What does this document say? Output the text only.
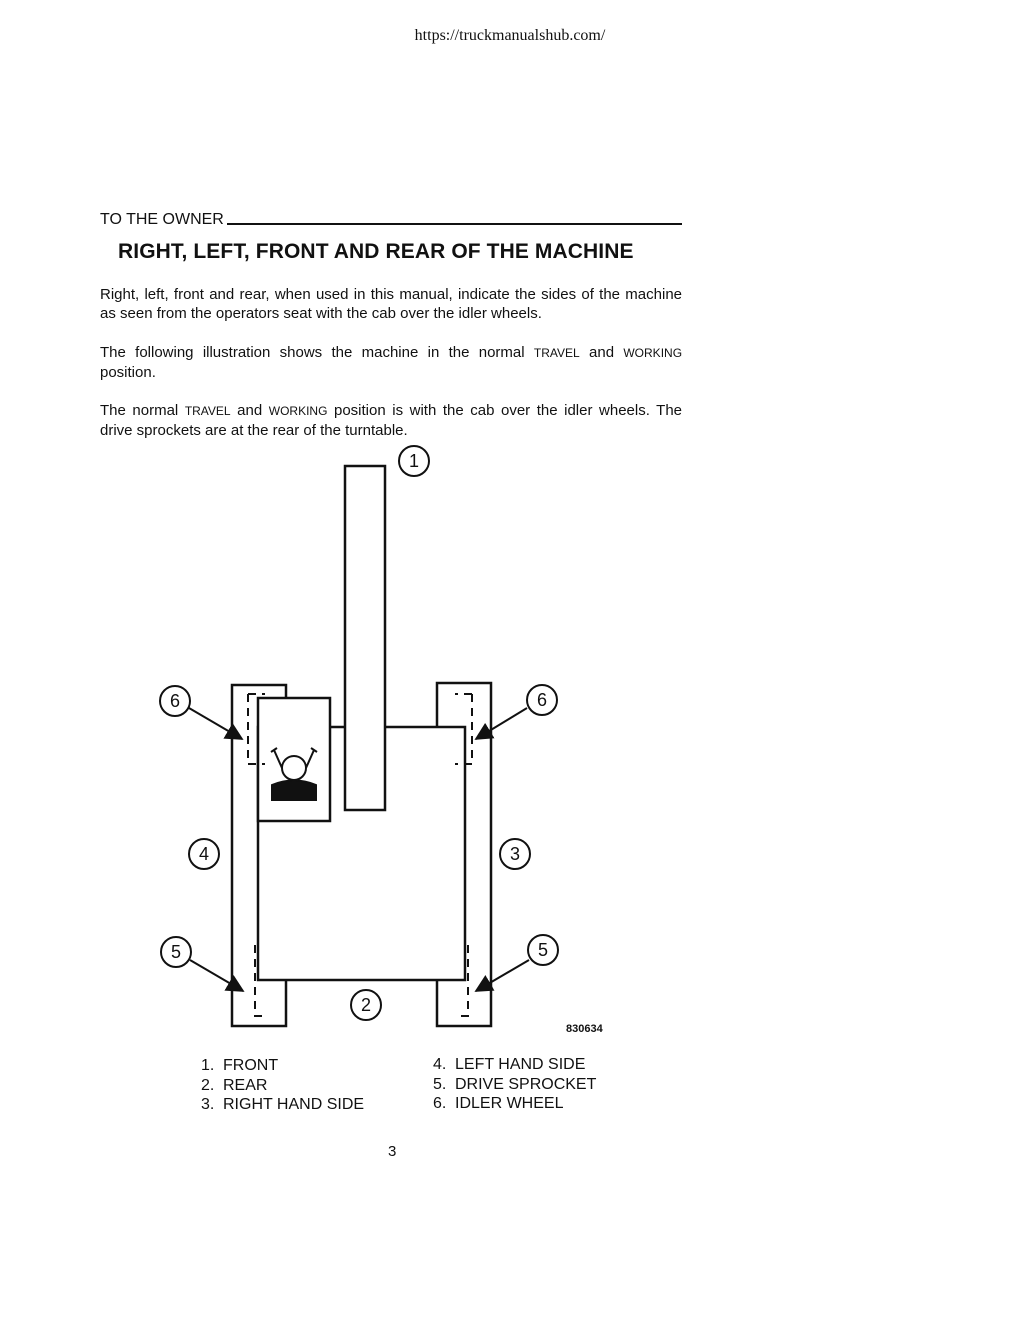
https://truckmanualshub.com/
TO THE OWNER
RIGHT, LEFT, FRONT AND REAR OF THE MACHINE
Right, left, front and rear, when used in this manual, indicate the sides of the machine as seen from the operators seat with the cab over the idler wheels.
The following illustration shows the machine in the normal TRAVEL and WORKING position.
The normal TRAVEL and WORKING position is with the cab over the idler wheels. The drive sprockets are at the rear of the turntable.
1
2
3
4
5	5
6	6
830634
1. FRONT
2. REAR
3. RIGHT HAND SIDE
4. LEFT HAND SIDE
5. DRIVE SPROCKET
6. IDLER WHEEL
3
